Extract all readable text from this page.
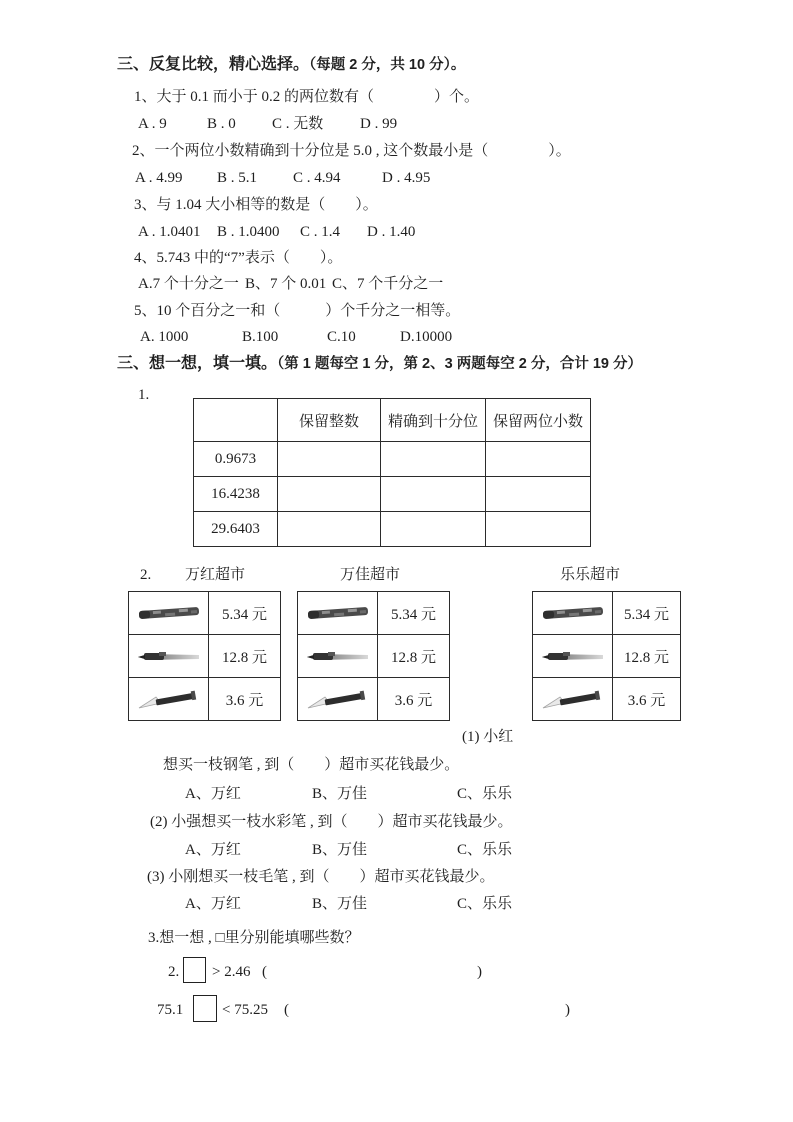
三、反复比较，精心选择。（每题 2 分，共 10 分）。
1、大于 0.1 而小于 0.2 的两位数有（　　　　）个。
A . 9	B . 0 C . 无数 D . 99
2、一个两位小数精确到十分位是 5.0 , 这个数最小是（　　　　）。
A . 4.99 B . 5.1 C . 4.94	D . 4.95
3、与 1.04 大小相等的数是（　　）。
A . 1.0401 B . 1.0400 C . 1.4 D . 1.40
4、5.743 中的“7”表示（　　）。
A.7 个十分之一 B、7 个 0.01 C、7 个千分之一
5、10 个百分之一和（　　　）个千分之一相等。
A. 1000	B.100	C.10	D.10000
三、想一想，填一填。（第 1 题每空 1 分，第 2、3 两题每空 2 分，合计 19 分）
1.
	保留整数	精确到十分位	保留两位小数
0.9673			
16.4238			
29.6403			
2. 万红超市	万佳超市	乐乐超市
	5.34 元

	12.8 元

	3.6 元
	5.34 元

	12.8 元

	3.6 元
	5.34 元

	12.8 元

	3.6 元
(1) 小红
想买一枝钢笔 , 到（　　）超市买花钱最少。
A、万红	B、万佳	C、乐乐
(2) 小强想买一枝水彩笔 , 到（　　）超市买花钱最少。
A、万红	B、万佳	C、乐乐
(3) 小刚想买一枝毛笔 , 到（　　）超市买花钱最少。
A、万红	B、万佳	C、乐乐
3.想一想 , □里分别能填哪些数？
2. > 2.46 (	)
75.1	< 75.25 (	)
